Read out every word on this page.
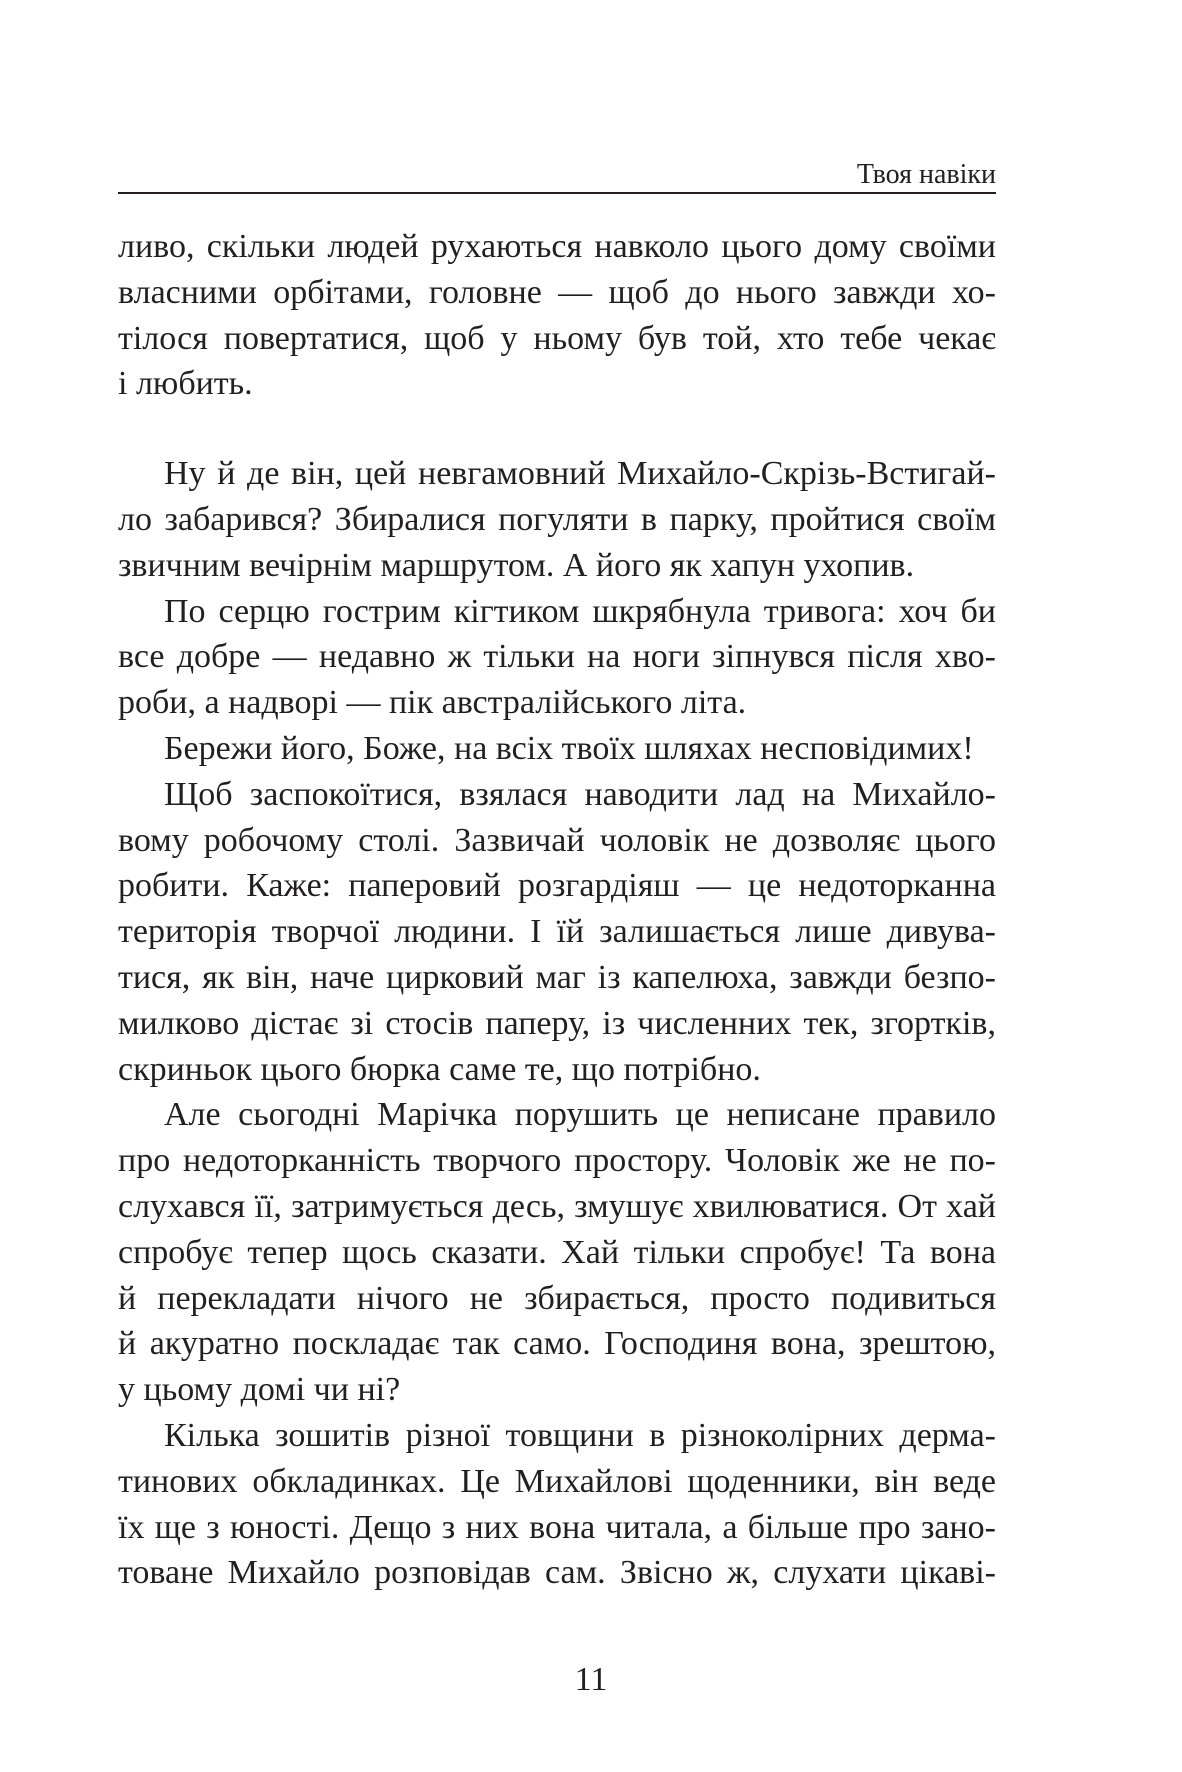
Твоя навіки
ливо, скільки людей рухаються навколо цього дому своїми
власними орбітами, головне — щоб до нього завжди хо-
тілося повертатися, щоб у ньому був той, хто тебе чекає
і любить.
Ну й де він, цей невгамовний Михайло-Скрізь-Встигай-
ло забарився? Збиралися погуляти в парку, пройтися своїм
звичним вечірнім маршрутом. А його як хапун ухопив.
По серцю гострим кігтиком шкрябнула тривога: хоч би
все добре — недавно ж тільки на ноги зіпнувся після хво-
роби, а надворі — пік австралійського літа.
Бережи його, Боже, на всіх твоїх шляхах несповідимих!
Щоб заспокоїтися, взялася наводити лад на Михайло-
вому робочому столі. Зазвичай чоловік не дозволяє цього
робити. Каже: паперовий розгардіяш — це недоторканна
територія творчої людини. І їй залишається лише дивува-
тися, як він, наче цирковий маг із капелюха, завжди безпо-
милково дістає зі стосів паперу, із численних тек, згортків,
скриньок цього бюрка саме те, що потрібно.
Але сьогодні Марічка порушить це неписане правило
про недоторканність творчого простору. Чоловік же не по-
слухався її, затримується десь, змушує хвилюватися. От хай
спробує тепер щось сказати. Хай тільки спробує! Та вона
й перекладати нічого не збирається, просто подивиться
й акуратно поскладає так само. Господиня вона, зрештою,
у цьому домі чи ні?
Кілька зошитів різної товщини в різноколірних дерма-
тинових обкладинках. Це Михайлові щоденники, він веде
їх ще з юності. Дещо з них вона читала, а більше про зано-
товане Михайло розповідав сам. Звісно ж, слухати цікаві-
11
